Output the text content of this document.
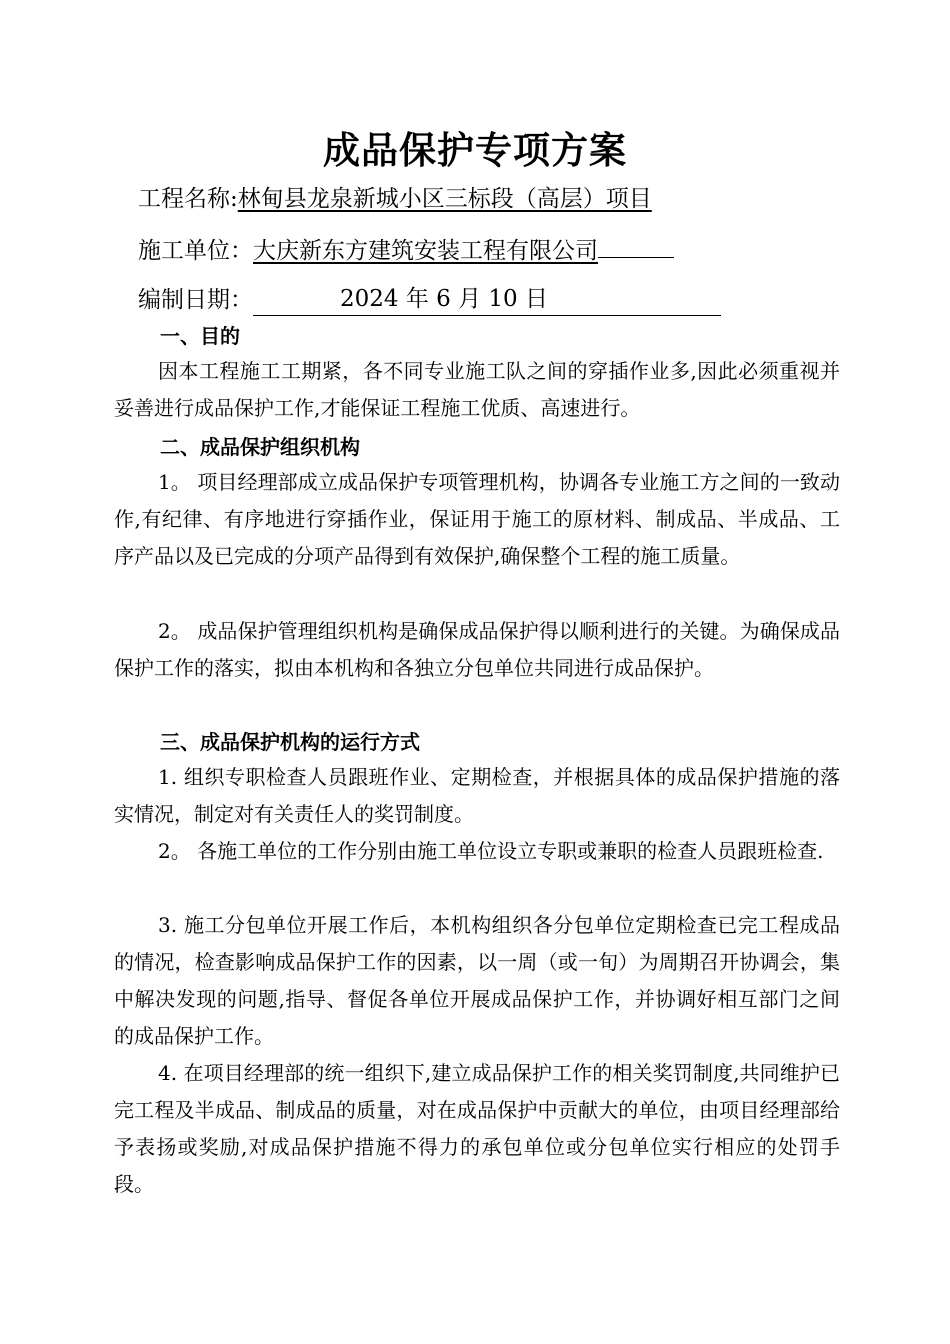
成品保护专项方案
工程名称:林甸县龙泉新城小区三标段（高层）项目
施工单位：大庆新东方建筑安装工程有限公司
编制日期：	2024 年 6 月 10 日
一、目的
因本工程施工工期紧，各不同专业施工队之间的穿插作业多,因此必须重视并妥善进行成品保护工作,才能保证工程施工优质、高速进行。
二、成品保护组织机构
1。 项目经理部成立成品保护专项管理机构，协调各专业施工方之间的一致动作,有纪律、有序地进行穿插作业，保证用于施工的原材料、制成品、半成品、工序产品以及已完成的分项产品得到有效保护,确保整个工程的施工质量。
2。 成品保护管理组织机构是确保成品保护得以顺利进行的关键。为确保成品保护工作的落实，拟由本机构和各独立分包单位共同进行成品保护。
三、成品保护机构的运行方式
1. 组织专职检查人员跟班作业、定期检查，并根据具体的成品保护措施的落实情况，制定对有关责任人的奖罚制度。
2。 各施工单位的工作分别由施工单位设立专职或兼职的检查人员跟班检查.
3. 施工分包单位开展工作后，本机构组织各分包单位定期检查已完工程成品的情况，检查影响成品保护工作的因素，以一周（或一旬）为周期召开协调会，集中解决发现的问题,指导、督促各单位开展成品保护工作，并协调好相互部门之间的成品保护工作。
4. 在项目经理部的统一组织下,建立成品保护工作的相关奖罚制度,共同维护已完工程及半成品、制成品的质量，对在成品保护中贡献大的单位，由项目经理部给予表扬或奖励,对成品保护措施不得力的承包单位或分包单位实行相应的处罚手段。
